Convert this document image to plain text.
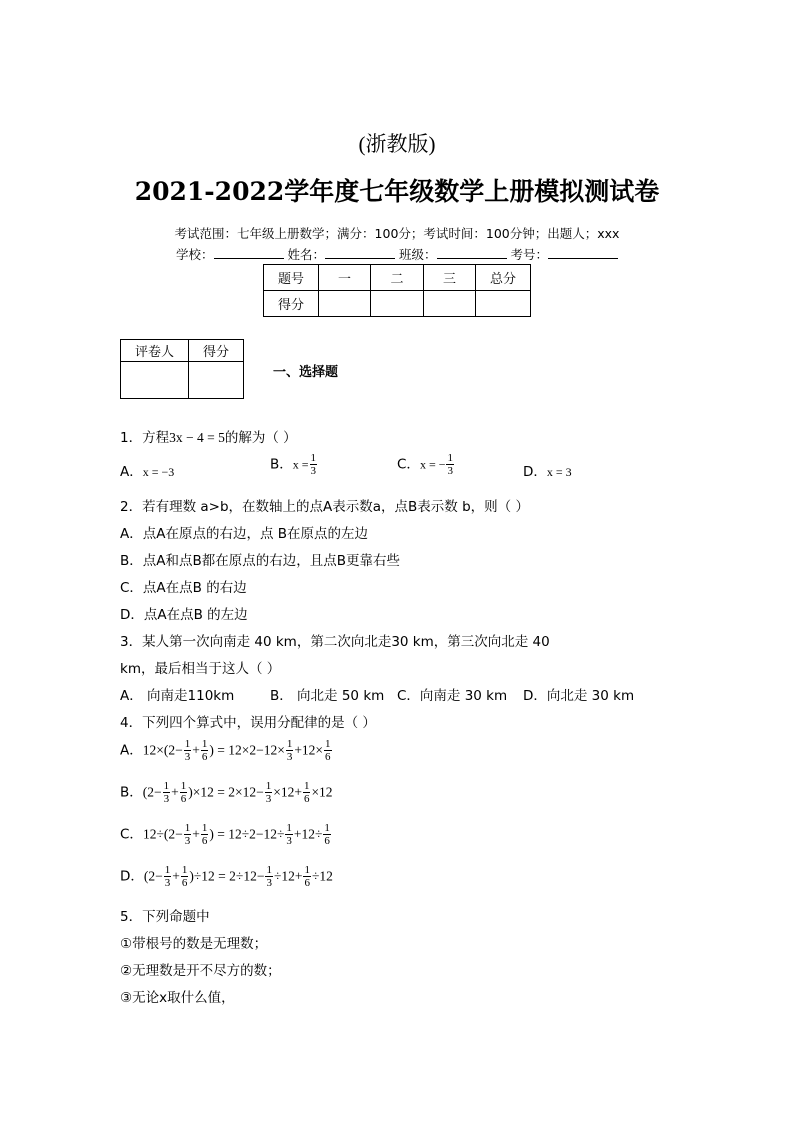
(浙教版)
2021-2022学年度七年级数学上册模拟测试卷
考试范围：七年级上册数学；满分：100分；考试时间：100分钟；出题人；xxx
学校：	姓名：	班级：	考号：
题号	一	二	三	总分
得分				
评卷人	得分

一、选择题
1．方程3x − 4 = 5的解为（ ）
A．x = −3	B．$x = \frac{1}{3}$	C．x = − $\frac{1}{3}$	D．x = 3
2．若有理数 a>b，在数轴上的点A表示数a，点B表示数 b，则（ ）
A．点A在原点的右边，点 B在原点的左边
B．点A和点B都在原点的右边，且点B更靠右些
C．点A在点B 的右边
D．点A在点B 的左边
3．某人第一次向南走 40 km，第二次向北走30 km，第三次向北走 40
km，最后相当于这人（ ）
A． 向南走110km	B． 向北走 50 km C．向南走 30 km D．向北走 30 km
4．下列四个算式中，误用分配律的是（ ）
A．$12\times(2- \frac{1}{3} + \frac{1}{6}$ ) = $12\times 2-12\times \frac{1}{3} +12\times \frac{1}{6}$
B．$(2- \frac{1}{3} + \frac{1}{6} )\times 12 = 2\times 12- \frac{1}{3} \times 12+ \frac{1}{6} \times 12$
C．$12\div(2- \frac{1}{3} + \frac{1}{6}$ ) = $12\div 2-12\div \frac{1}{3} +12\div \frac{1}{6}$
D．$(2- \frac{1}{3} + \frac{1}{6} )\div 12 = 2\div 12- \frac{1}{3} \div 12+ \frac{1}{6} \div 12$
5．下列命题中
①带根号的数是无理数；
②无理数是开不尽方的数；
③无论x取什么值，
